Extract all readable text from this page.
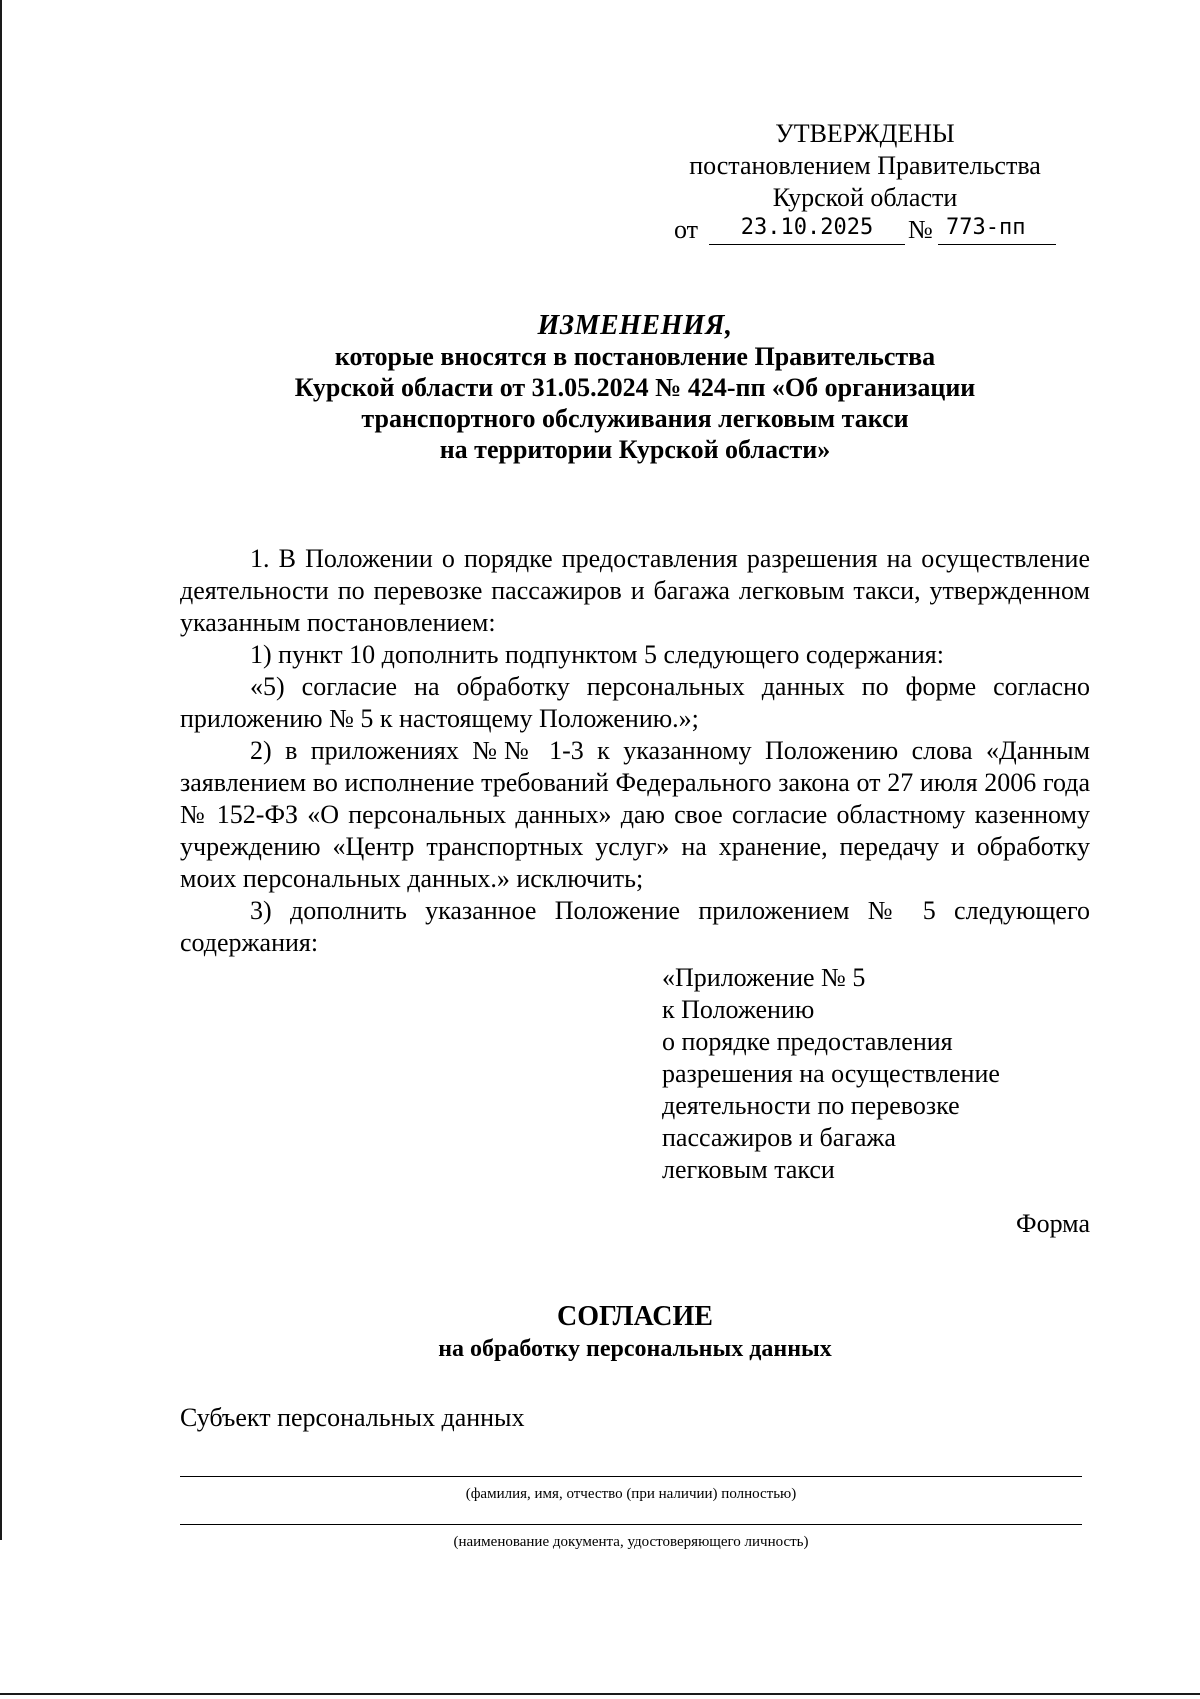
УТВЕРЖДЕНЫ
постановлением Правительства
Курской области
от	23.10.2025	№ 773-пп
ИЗМЕНЕНИЯ,
которые вносятся в постановление Правительства
Курской области от 31.05.2024 № 424-пп «Об организации
транспортного обслуживания легковым такси
на территории Курской области»

1. В Положении о порядке предоставления разрешения на осуществление деятельности по перевозке пассажиров и багажа легковым такси, утвержденном указанным постановлением:

1) пункт 10 дополнить подпунктом 5 следующего содержания:

«5) согласие на обработку персональных данных по форме согласно приложению № 5 к настоящему Положению.»;

2) в приложениях №№ 1-3 к указанному Положению слова «Данным заявлением во исполнение требований Федерального закона от 27 июля 2006 года № 152-ФЗ «О персональных данных» даю свое согласие областному казенному учреждению «Центр транспортных услуг» на хранение, передачу и обработку моих персональных данных.» исключить;

3) дополнить указанное Положение приложением № 5 следующего содержания:

«Приложение № 5
к Положению
о порядке предоставления
разрешения на осуществление
деятельности по перевозке
пассажиров и багажа
легковым такси
Форма
СОГЛАСИЕ
на обработку персональных данных
Субъект персональных данных
(фамилия, имя, отчество (при наличии) полностью)
(наименование документа, удостоверяющего личность)
